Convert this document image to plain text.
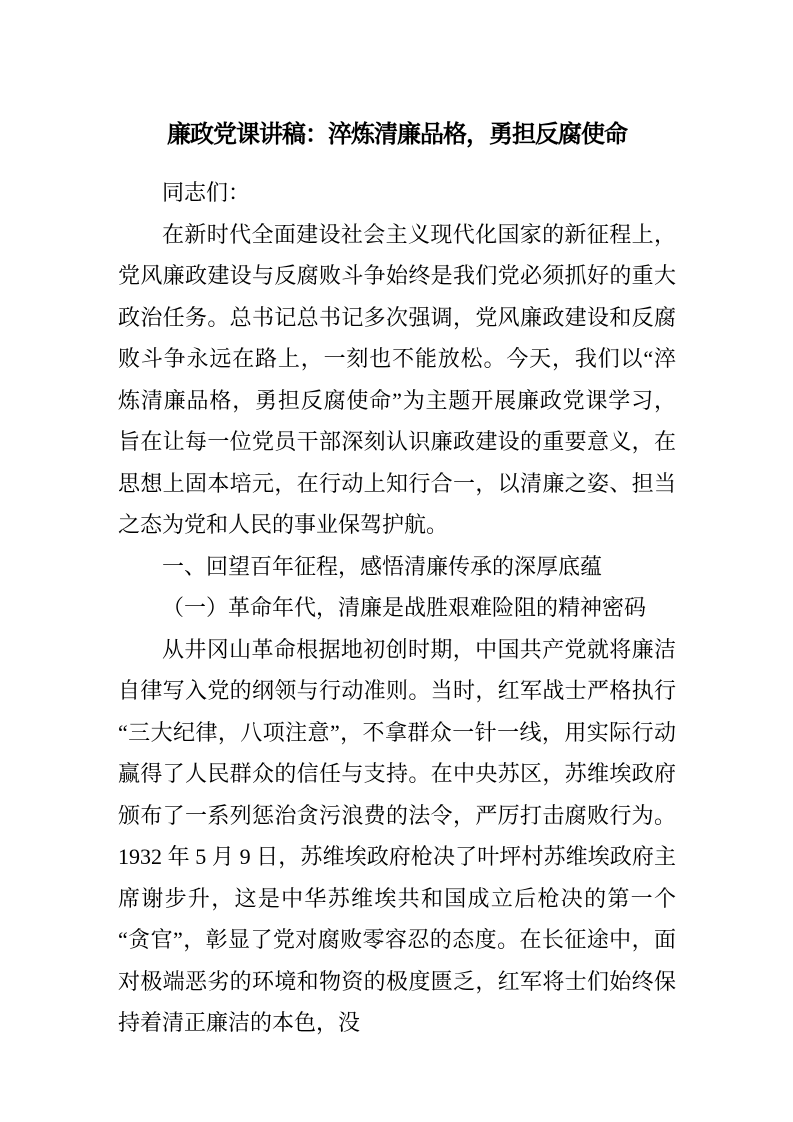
廉政党课讲稿：淬炼清廉品格，勇担反腐使命

同志们：

在新时代全面建设社会主义现代化国家的新征程上，党风廉政建设与反腐败斗争始终是我们党必须抓好的重大政治任务。总书记总书记多次强调，党风廉政建设和反腐败斗争永远在路上，一刻也不能放松。今天，我们以“淬炼清廉品格，勇担反腐使命”为主题开展廉政党课学习，旨在让每一位党员干部深刻认识廉政建设的重要意义，在思想上固本培元，在行动上知行合一，以清廉之姿、担当之态为党和人民的事业保驾护航。

一、回望百年征程，感悟清廉传承的深厚底蕴

（一）革命年代，清廉是战胜艰难险阻的精神密码

从井冈山革命根据地初创时期，中国共产党就将廉洁自律写入党的纲领与行动准则。当时，红军战士严格执行“三大纪律，八项注意”，不拿群众一针一线，用实际行动赢得了人民群众的信任与支持。在中央苏区，苏维埃政府颁布了一系列惩治贪污浪费的法令，严厉打击腐败行为。1932 年 5 月 9 日，苏维埃政府枪决了叶坪村苏维埃政府主席谢步升，这是中华苏维埃共和国成立后枪决的第一个“贪官”，彰显了党对腐败零容忍的态度。在长征途中，面对极端恶劣的环境和物资的极度匮乏，红军将士们始终保持着清正廉洁的本色，没
